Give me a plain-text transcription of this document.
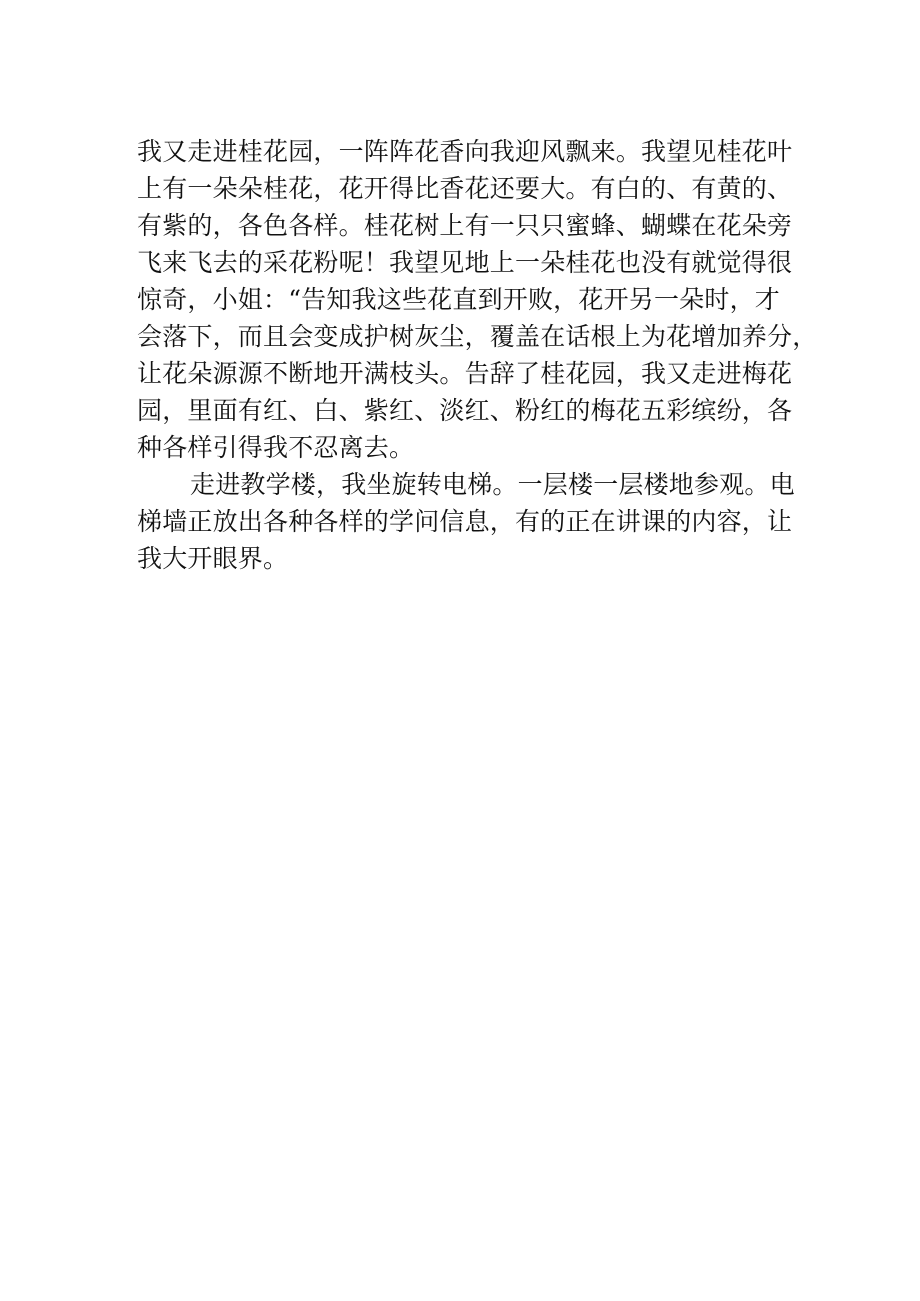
我又走进桂花园，一阵阵花香向我迎风飘来。我望见桂花叶
上有一朵朵桂花，花开得比香花还要大。有白的、有黄的、
有紫的，各色各样。桂花树上有一只只蜜蜂、蝴蝶在花朵旁
飞来飞去的采花粉呢！我望见地上一朵桂花也没有就觉得很
惊奇，小姐：“告知我这些花直到开败，花开另一朵时，才
会落下，而且会变成护树灰尘，覆盖在话根上为花增加养分，
让花朵源源不断地开满枝头。告辞了桂花园，我又走进梅花
园，里面有红、白、紫红、淡红、粉红的梅花五彩缤纷，各
种各样引得我不忍离去。
走进教学楼，我坐旋转电梯。一层楼一层楼地参观。电
梯墙正放出各种各样的学问信息，有的正在讲课的内容，让
我大开眼界。
